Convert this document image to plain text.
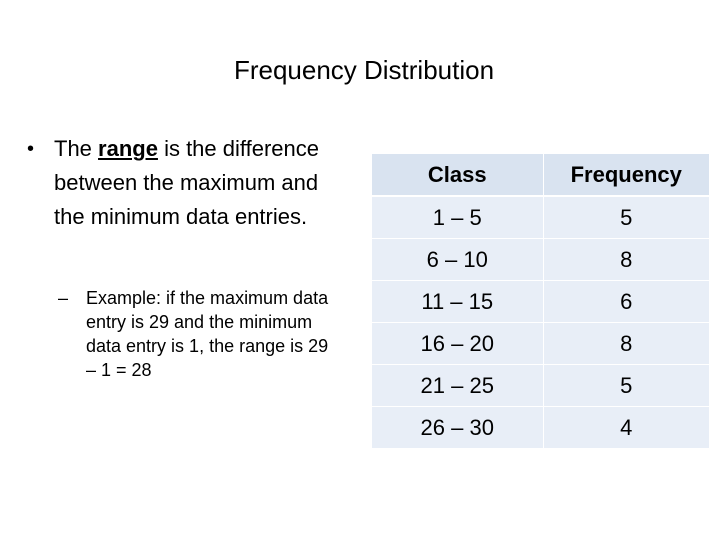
Frequency Distribution
• The range is the difference between the maximum and the minimum data entries.
– Example: if the maximum data entry is 29 and the minimum data entry is 1, the range is 29 – 1 = 28
Class	Frequency
1 – 5	5
6 – 10	8
11 – 15	6
16 – 20	8
21 – 25	5
26 – 30	4
